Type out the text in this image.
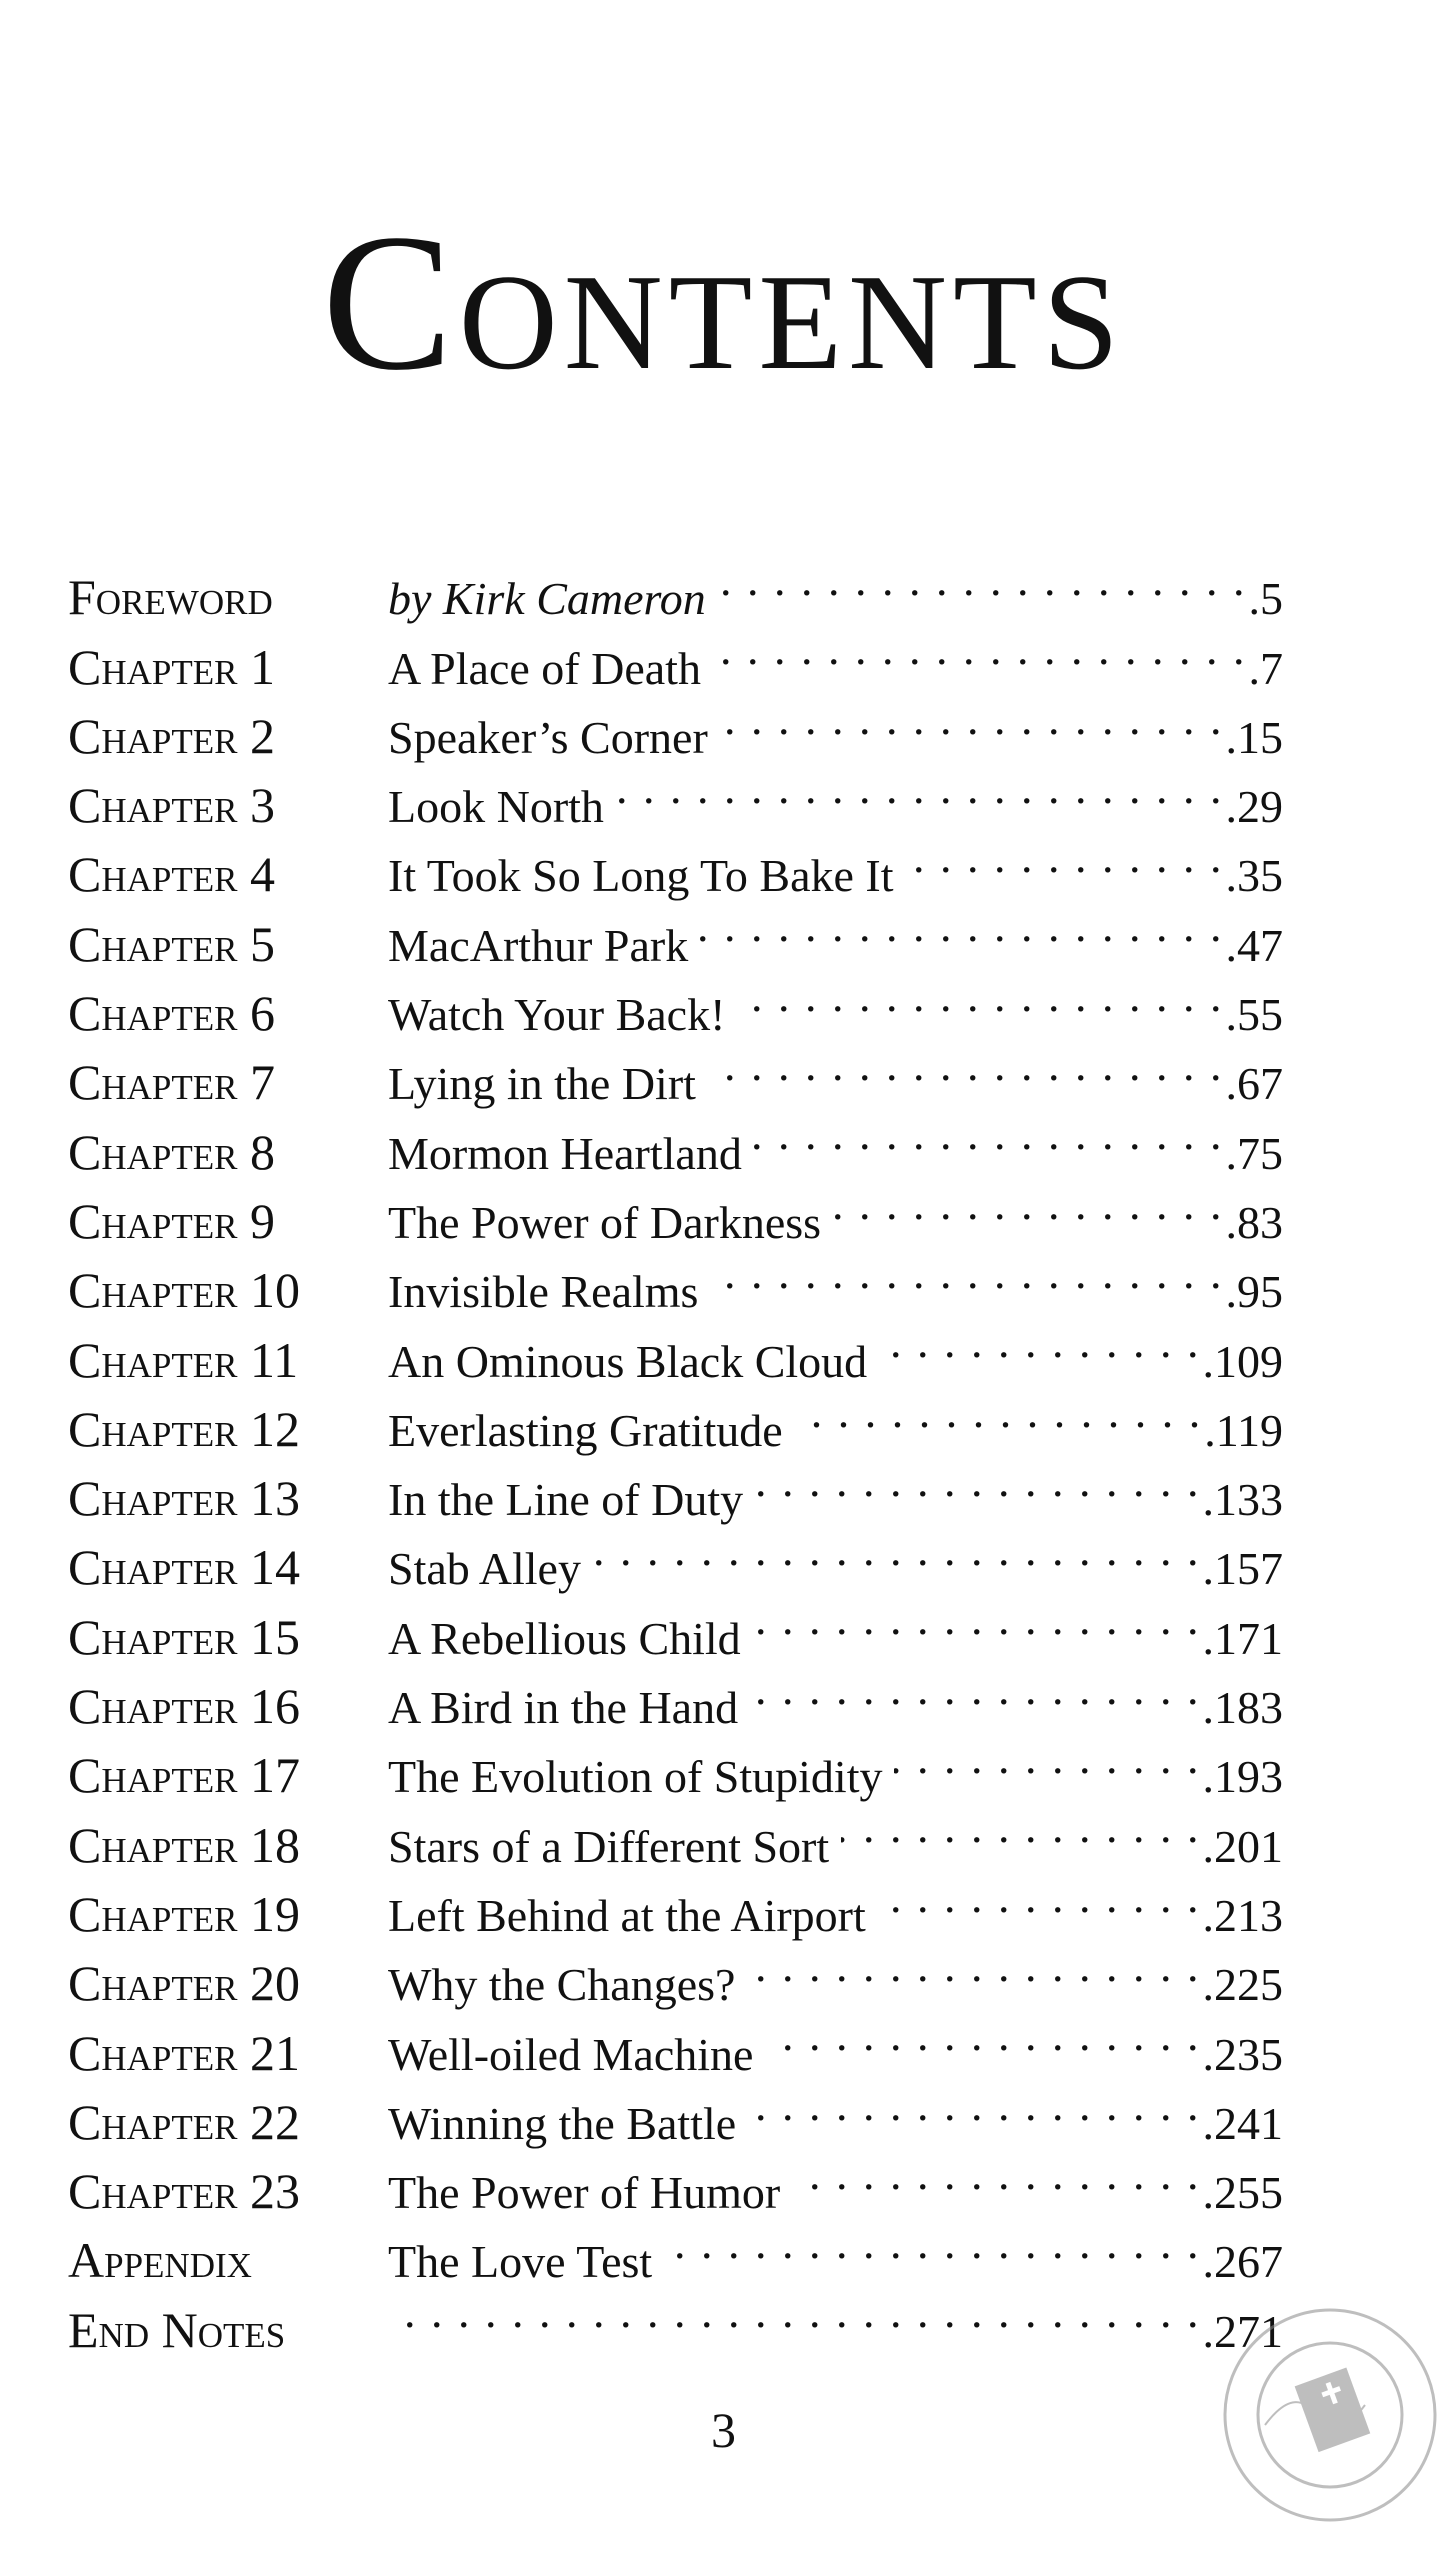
Contents
Foreword	by Kirk Cameron . . .	.5
Chapter 1	A Place of Death . . .	.7
Chapter 2	Speaker’s Corner . . .	.15
Chapter 3	Look North . . .	.29
Chapter 4	It Took So Long To Bake It . . .	.35
Chapter 5	MacArthur Park . . .	.47
Chapter 6	Watch Your Back! . . .	.55
Chapter 7	Lying in the Dirt . . .	.67
Chapter 8	Mormon Heartland . . .	.75
Chapter 9	The Power of Darkness . . .	.83
Chapter 10	Invisible Realms . . .	.95
Chapter 11	An Ominous Black Cloud . . .	.109
Chapter 12	Everlasting Gratitude . . .	.119
Chapter 13	In the Line of Duty . . .	.133
Chapter 14	Stab Alley . . .	.157
Chapter 15	A Rebellious Child . . .	.171
Chapter 16	A Bird in the Hand . . .	.183
Chapter 17	The Evolution of Stupidity . . .	.193
Chapter 18	Stars of a Different Sort . . .	.201
Chapter 19	Left Behind at the Airport . . .	.213
Chapter 20	Why the Changes? . . .	.225
Chapter 21	Well-oiled Machine . . .	.235
Chapter 22	Winning the Battle . . .	.241
Chapter 23	The Power of Humor . . .	.255
Appendix	The Love Test . . .	.267
End Notes . . .	.271
3
